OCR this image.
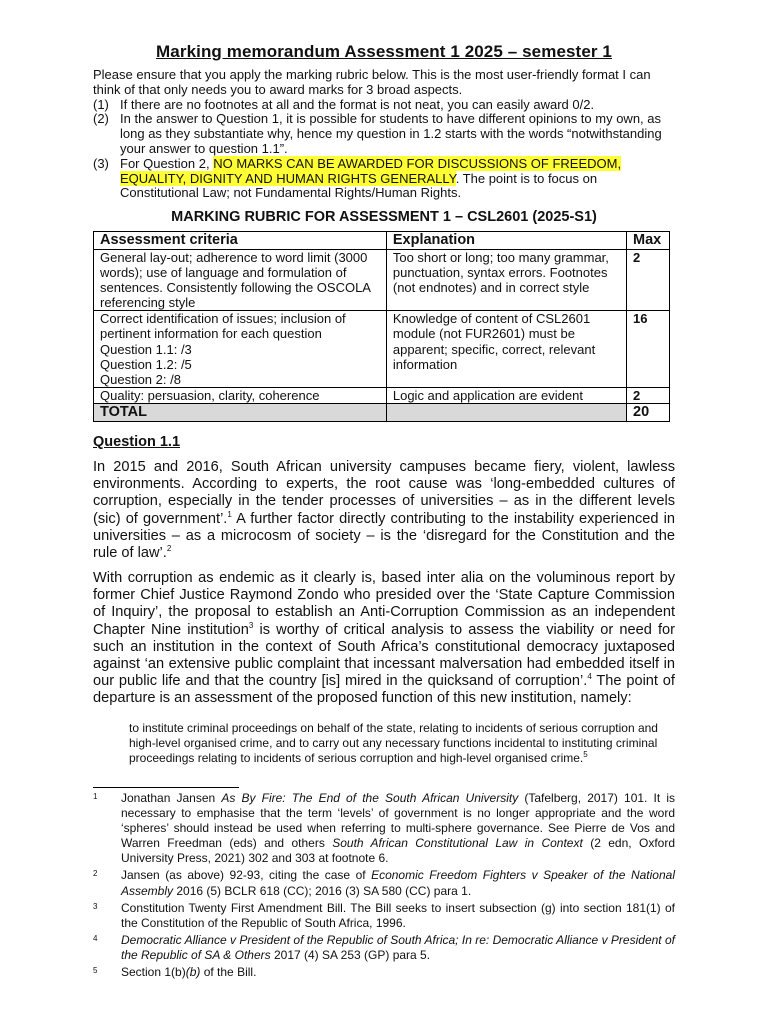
Marking memorandum Assessment 1 2025 – semester 1

Please ensure that you apply the marking rubric below. This is the most user-friendly format I can think of that only needs you to award marks for 3 broad aspects.

(1) If there are no footnotes at all and the format is not neat, you can easily award 0/2.

(2) In the answer to Question 1, it is possible for students to have different opinions to my own, as long as they substantiate why, hence my question in 1.2 starts with the words “notwithstanding your answer to question 1.1”.

(3) For Question 2, NO MARKS CAN BE AWARDED FOR DISCUSSIONS OF FREEDOM, EQUALITY, DIGNITY AND HUMAN RIGHTS GENERALLY. The point is to focus on Constitutional Law; not Fundamental Rights/Human Rights.

MARKING RUBRIC FOR ASSESSMENT 1 – CSL2601 (2025-S1)
Assessment criteria	Explanation	Max
General lay-out; adherence to word limit (3000 words); use of language and formulation of sentences. Consistently following the OSCOLA referencing style	Too short or long; too many grammar, punctuation, syntax errors. Footnotes (not endnotes) and in correct style	2

Correct identification of issues; inclusion of pertinent information for each question
Question 1.1: /3
Question 1.2: /5
Question 2: /8	Knowledge of content of CSL2601 module (not FUR2601) must be apparent; specific, correct, relevant information	16
Quality: persuasion, clarity, coherence	Logic and application are evident	2
TOTAL		20
Question 1.1

In 2015 and 2016, South African university campuses became fiery, violent, lawless environments. According to experts, the root cause was ‘long-embedded cultures of corruption, especially in the tender processes of universities – as in the different levels (sic) of government’.$^1$ A further factor directly contributing to the instability experienced in universities – as a microcosm of society – is the ‘disregard for the Constitution and the rule of law’.$^2$

With corruption as endemic as it clearly is, based inter alia on the voluminous report by former Chief Justice Raymond Zondo who presided over the ‘State Capture Commission of Inquiry’, the proposal to establish an Anti-Corruption Commission as an independent Chapter Nine institution$^3$ is worthy of critical analysis to assess the viability or need for such an institution in the context of South Africa’s constitutional democracy juxtaposed against ‘an extensive public complaint that incessant malversation had embedded itself in our public life and that the country [is] mired in the quicksand of corruption’.$^4$ The point of departure is an assessment of the proposed function of this new institution, namely:

to institute criminal proceedings on behalf of the state, relating to incidents of serious corruption and high-level organised crime, and to carry out any necessary functions incidental to instituting criminal proceedings relating to incidents of serious corruption and high-level organised crime.$^5$

1 Jonathan Jansen As By Fire: The End of the South African University (Tafelberg, 2017) 101. It is necessary to emphasise that the term ‘levels’ of government is no longer appropriate and the word ‘spheres’ should instead be used when referring to multi-sphere governance. See Pierre de Vos and Warren Freedman (eds) and others South African Constitutional Law in Context (2 edn, Oxford University Press, 2021) 302 and 303 at footnote 6.

2 Jansen (as above) 92-93, citing the case of Economic Freedom Fighters v Speaker of the National Assembly 2016 (5) BCLR 618 (CC); 2016 (3) SA 580 (CC) para 1.

3 Constitution Twenty First Amendment Bill. The Bill seeks to insert subsection (g) into section 181(1) of the Constitution of the Republic of South Africa, 1996.

4 Democratic Alliance v President of the Republic of South Africa; In re: Democratic Alliance v President of the Republic of SA & Others 2017 (4) SA 253 (GP) para 5.

5 Section 1(b)(b) of the Bill.
